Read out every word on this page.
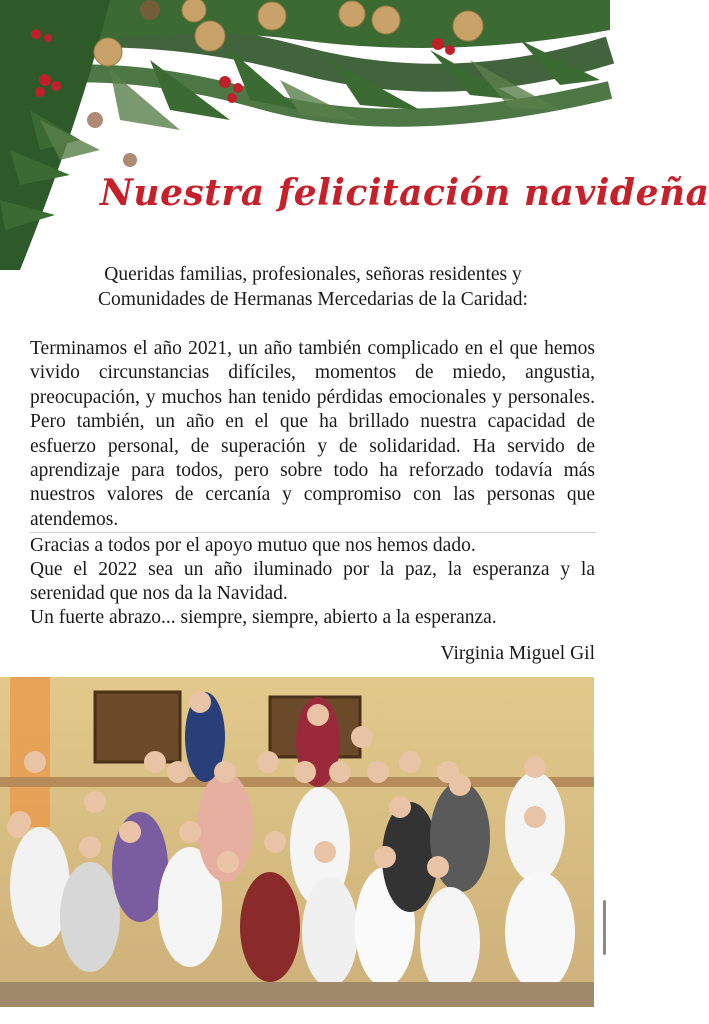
Nuestra felicitación navideña
Queridas familias, profesionales, señoras residentes y
Comunidades de Hermanas Mercedarias de la Caridad:

Terminamos el año 2021, un año también complicado en el que hemos vivido circunstancias difíciles, momentos de miedo, angustia, preocupación, y muchos han tenido pérdidas emocionales y personales. Pero también, un año en el que ha brillado nuestra capacidad de esfuerzo personal, de superación y de solidaridad. Ha servido de aprendizaje para todos, pero sobre todo ha reforzado todavía más nuestros valores de cercanía y compromiso con las personas que atendemos.

Gracias a todos por el apoyo mutuo que nos hemos dado.

Que el 2022 sea un año iluminado por la paz, la esperanza y la serenidad que nos da la Navidad.

Un fuerte abrazo... siempre, siempre, abierto a la esperanza.

Virginia Miguel Gil
